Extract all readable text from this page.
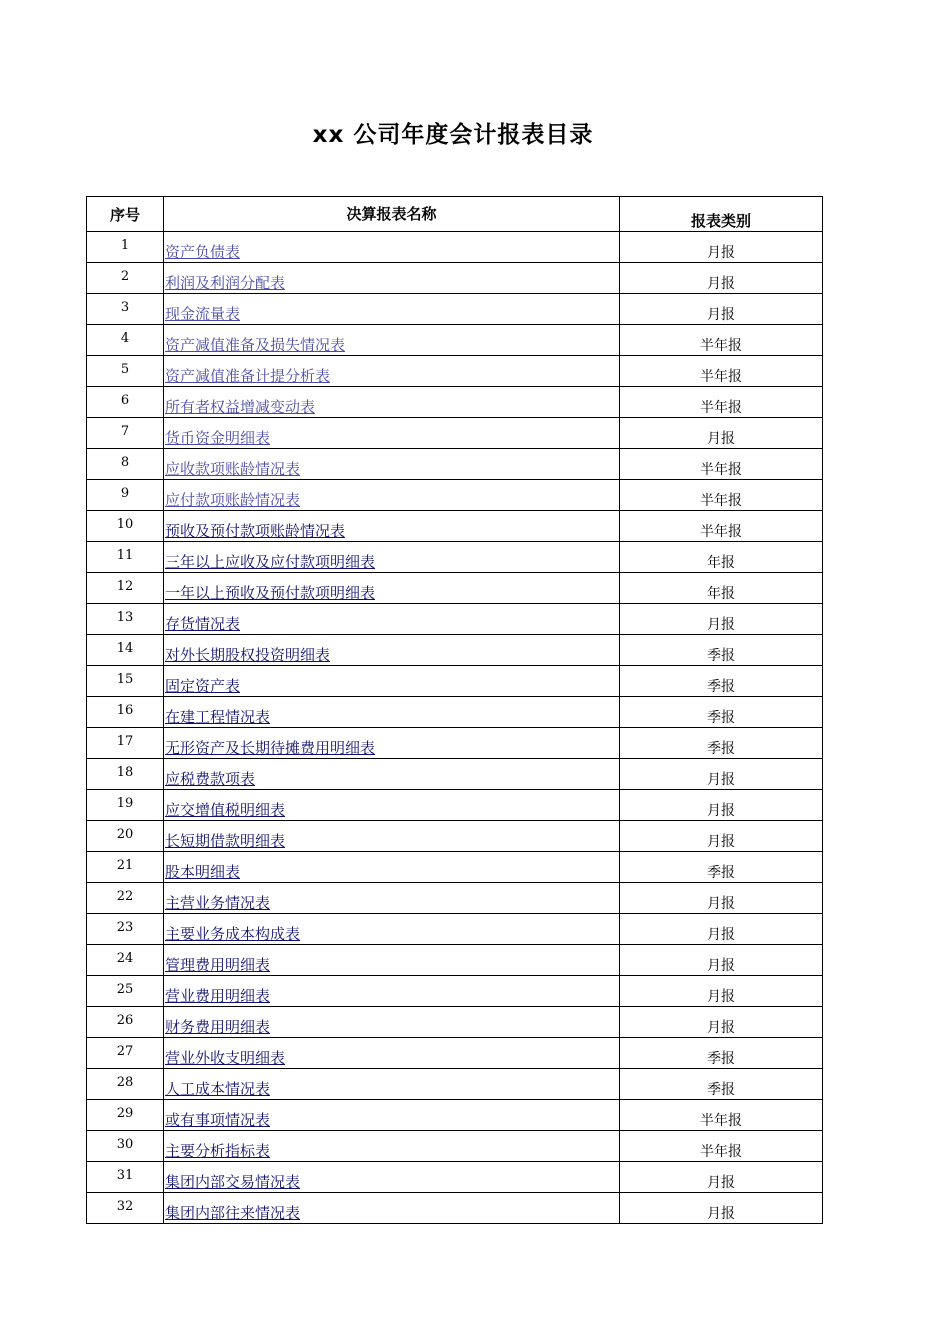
xx 公司年度会计报表目录
序号	决算报表名称	报表类别
1	资产负债表	月报
2	利润及利润分配表	月报
3	现金流量表	月报
4	资产减值准备及损失情况表	半年报
5	资产减值准备计提分析表	半年报
6	所有者权益增减变动表	半年报
7	货币资金明细表	月报
8	应收款项账龄情况表	半年报
9	应付款项账龄情况表	半年报
10	预收及预付款项账龄情况表	半年报
11	三年以上应收及应付款项明细表	年报
12	一年以上预收及预付款项明细表	年报
13	存货情况表	月报
14	对外长期股权投资明细表	季报
15	固定资产表	季报
16	在建工程情况表	季报
17	无形资产及长期待摊费用明细表	季报
18	应税费款项表	月报
19	应交增值税明细表	月报
20	长短期借款明细表	月报
21	股本明细表	季报
22	主营业务情况表	月报
23	主要业务成本构成表	月报
24	管理费用明细表	月报
25	营业费用明细表	月报
26	财务费用明细表	月报
27	营业外收支明细表	季报
28	人工成本情况表	季报
29	或有事项情况表	半年报
30	主要分析指标表	半年报
31	集团内部交易情况表	月报
32	集团内部往来情况表	月报
